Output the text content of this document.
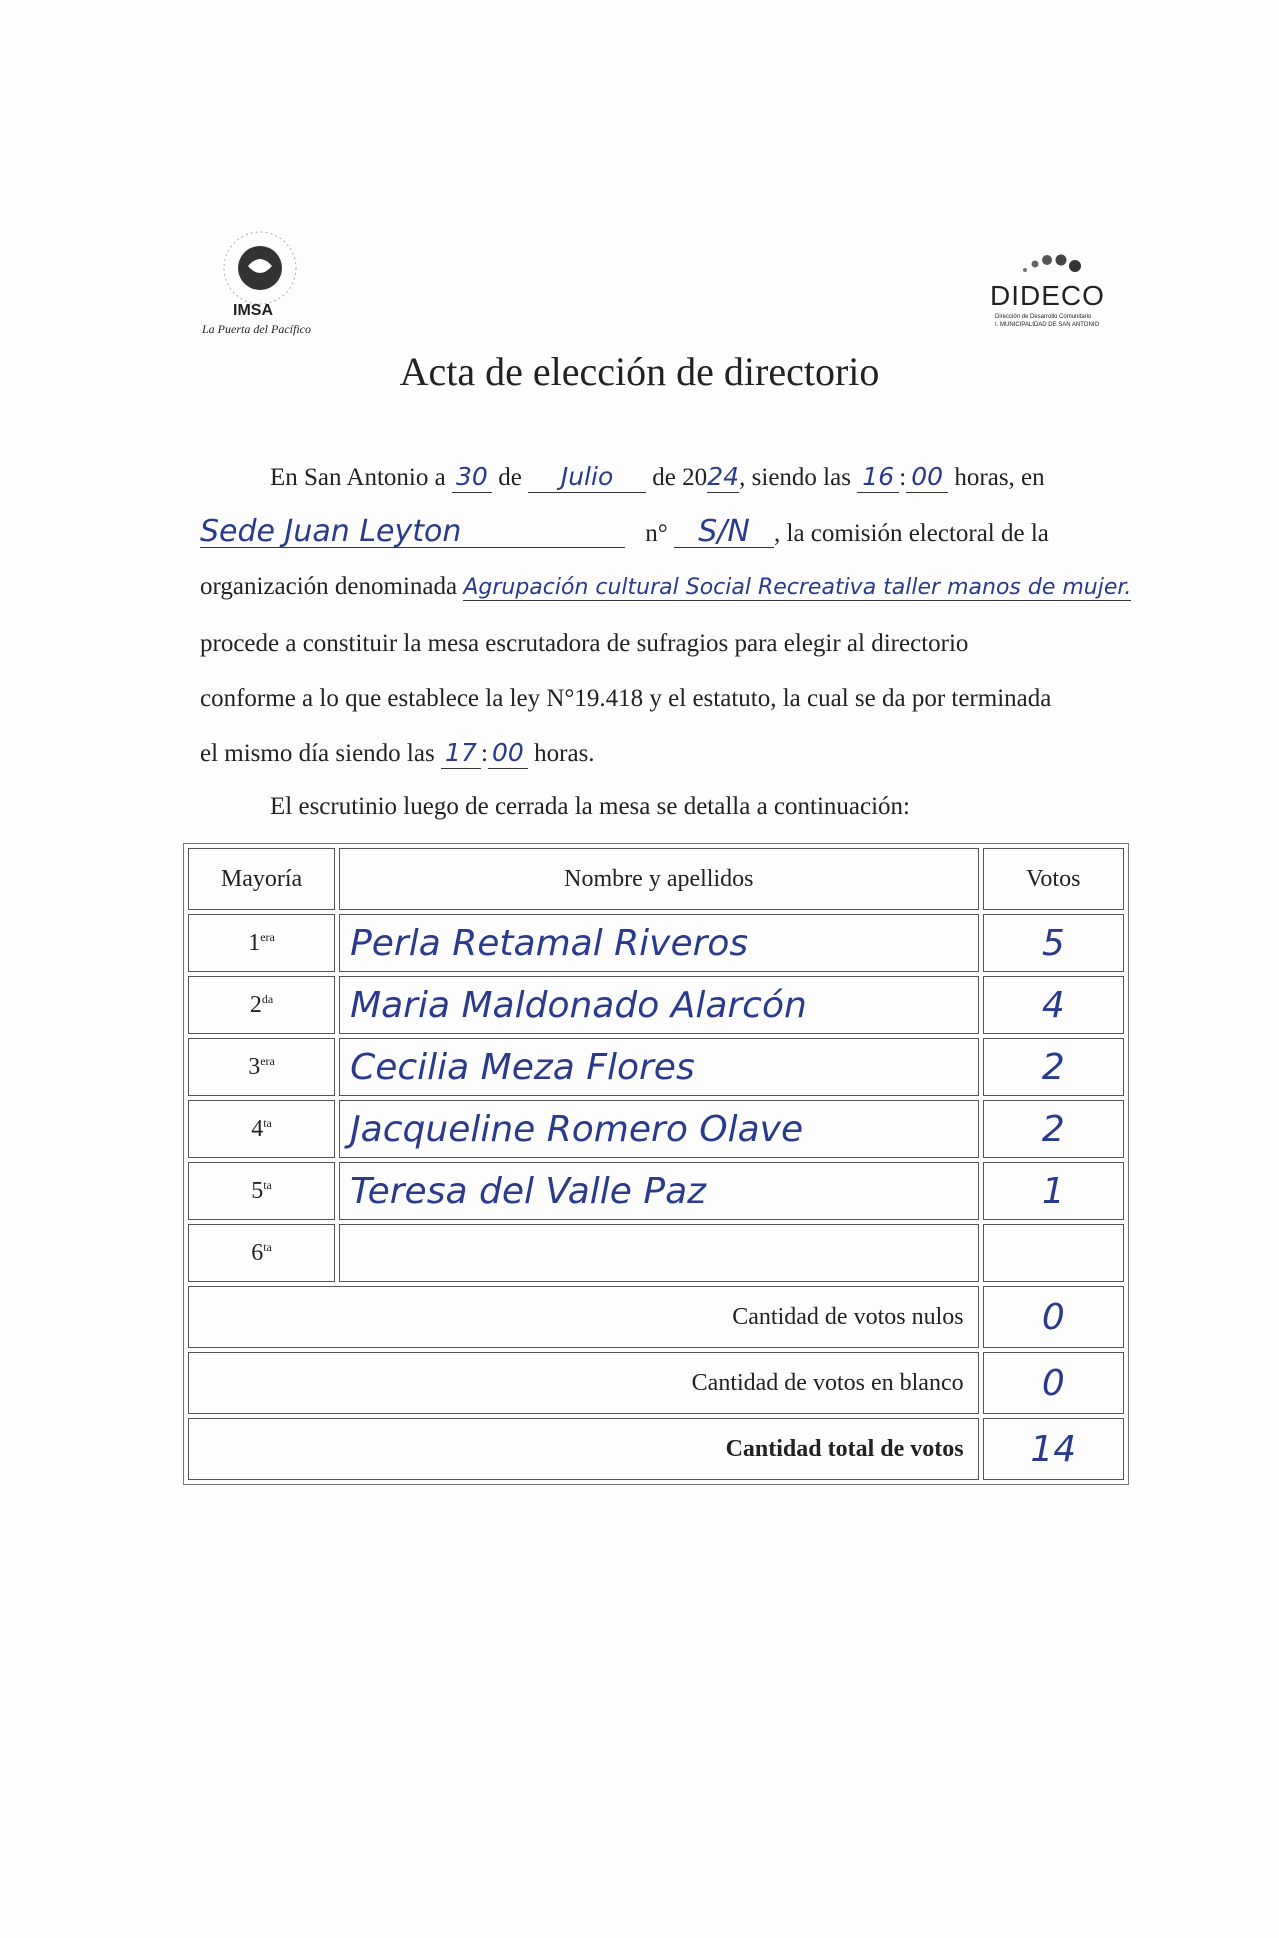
IMSA
La Puerta del Pacífico
DIDECO
Dirección de Desarrollo Comunitario
I. MUNICIPALIDAD DE SAN ANTONIO
Acta de elección de directorio
En San Antonio a 30 de Julio de 2024, siendo las 16 : 00 horas, en
Sede Juan Leyton	n° S/N , la comisión electoral de la
organización denominada Agrupación cultural Social Recreativa taller manos de mujer.
procede a constituir la mesa escrutadora de sufragios para elegir al directorio
conforme a lo que establece la ley N°19.418 y el estatuto, la cual se da por terminada
el mismo día siendo las 17 : 00 horas.
El escrutinio luego de cerrada la mesa se detalla a continuación:
Mayoría	Nombre y apellidos	Votos
$1^{era}$	Perla Retamal Riveros	5
$2^{da}$	Maria Maldonado Alarcón	4
$3^{era}$	Cecilia Meza Flores	2
$4^{ta}$	Jacqueline Romero Olave	2
$5^{ta}$	Teresa del Valle Paz	1
$6^{ta}$		
Cantidad de votos nulos		0
Cantidad de votos en blanco		0
Cantidad total de votos		14
